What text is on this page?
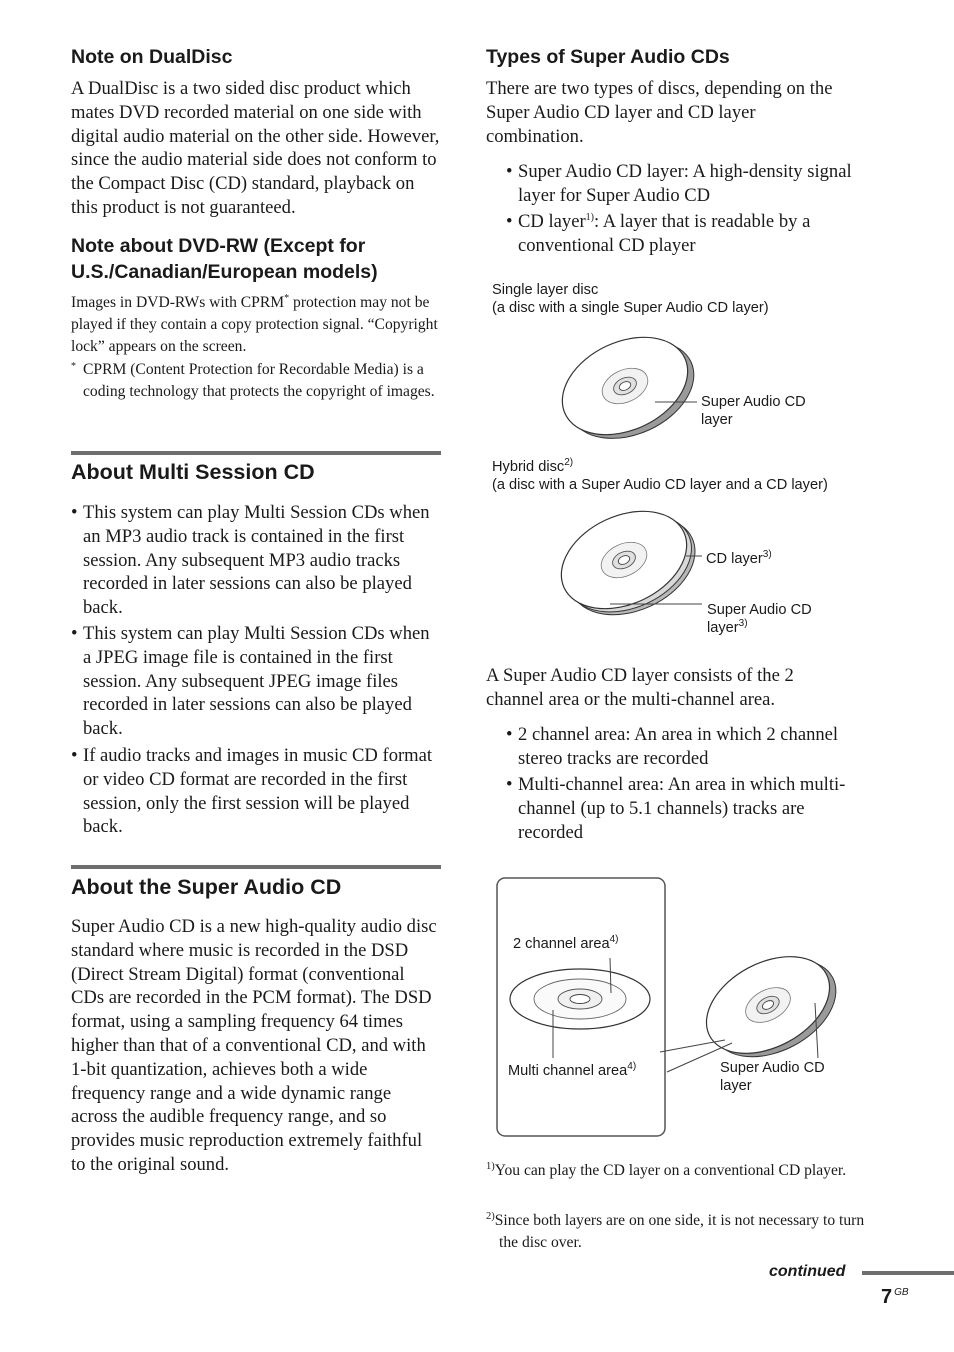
Note on DualDisc

A DualDisc is a two sided disc product which mates DVD recorded material on one side with digital audio material on the other side. However, since the audio material side does not conform to the Compact Disc (CD) standard, playback on this product is not guaranteed.

Note about DVD-RW (Except for U.S./Canadian/European models)

Images in DVD-RWs with CPRM* protection may not be played if they contain a copy protection signal. “Copyright lock” appears on the screen.

* CPRM (Content Protection for Recordable Media) is a coding technology that protects the copyright of images.

About Multi Session CD

• This system can play Multi Session CDs when an MP3 audio track is contained in the first session. Any subsequent MP3 audio tracks recorded in later sessions can also be played back.

• This system can play Multi Session CDs when a JPEG image file is contained in the first session. Any subsequent JPEG image files recorded in later sessions can also be played back.

• If audio tracks and images in music CD format or video CD format are recorded in the first session, only the first session will be played back.

About the Super Audio CD

Super Audio CD is a new high-quality audio disc standard where music is recorded in the DSD (Direct Stream Digital) format (conventional CDs are recorded in the PCM format). The DSD format, using a sampling frequency 64 times higher than that of a conventional CD, and with 1-bit quantization, achieves both a wide frequency range and a wide dynamic range across the audible frequency range, and so provides music reproduction extremely faithful to the original sound.

Types of Super Audio CDs

There are two types of discs, depending on the Super Audio CD layer and CD layer combination.

• Super Audio CD layer: A high-density signal layer for Super Audio CD

• CD layer$^{1)}$: A layer that is readable by a conventional CD player

Single layer disc
(a disc with a single Super Audio CD layer)
Super Audio CD
layer
Hybrid disc$^{2)}$
(a disc with a Super Audio CD layer and a CD layer)
CD layer$^{3)}$
Super Audio CD
layer$^{3)}$

A Super Audio CD layer consists of the 2 channel area or the multi-channel area.

• 2 channel area: An area in which 2 channel stereo tracks are recorded

• Multi-channel area: An area in which multi-channel (up to 5.1 channels) tracks are recorded

2 channel area$^{4)}$
Multi channel area$^{4)}$	Super Audio CD
layer

$^{1)}$You can play the CD layer on a conventional CD player.

$^{2)}$Since both layers are on one side, it is not necessary to turn the disc over.

continued
7 $^{GB}$
